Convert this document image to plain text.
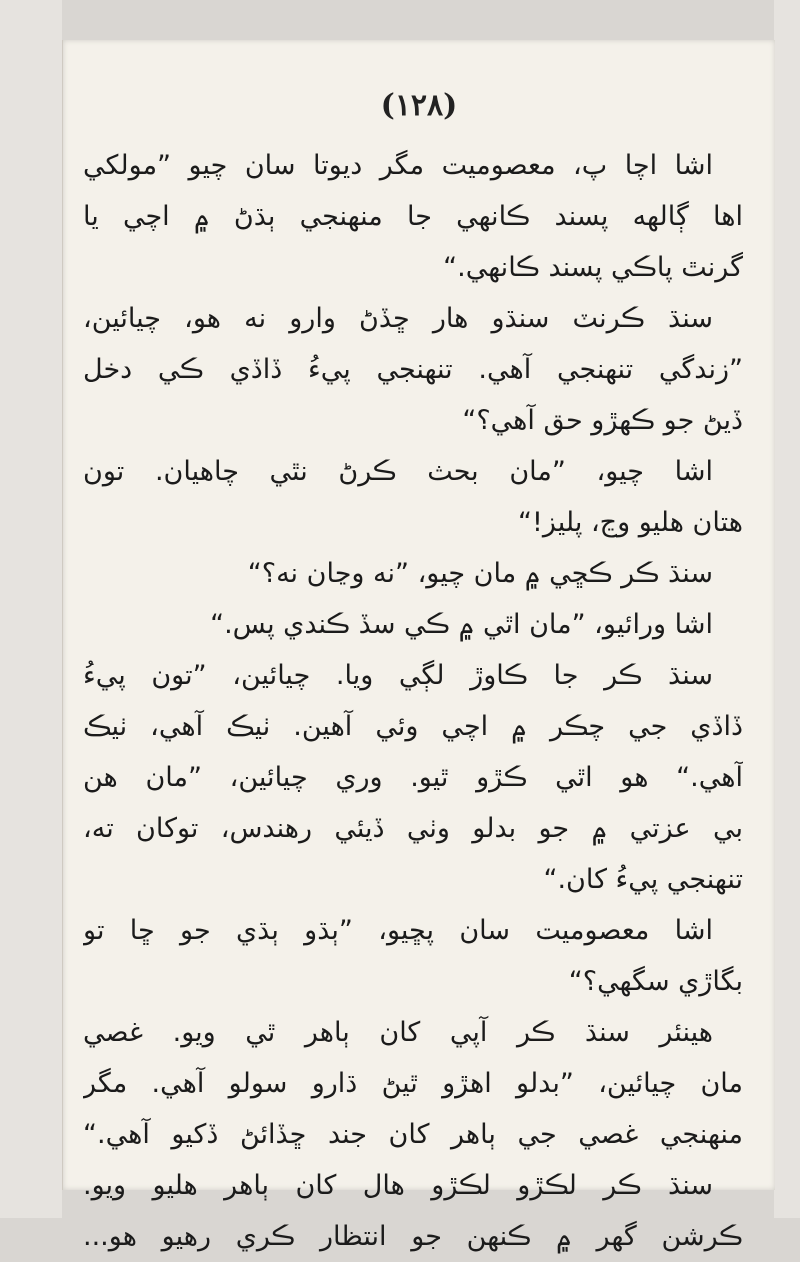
(۱۲۸)
اشا اچا پ، معصوميت مگر ديوتا سان چيو ”مولکي
اها ڳالهه پسند ڪانهي جا منهنجي ٻڌڻ ۾ اچي يا
گرنٿ پاڪي پسند ڪانهي.“
سنڌ ڪرنٽ سنڌو هار ڇڏڻ وارو نه هو، چيائين،
”زندگي تنهنجي آهي. تنهنجي پيءُ ڏاڏي ڪي دخل
ڏيڻ جو ڪهڙو حق آهي؟“
اشا چيو، ”مان بحث ڪرڻ نٿي چاهيان. تون
هتان هليو وڃ، پليز!“
سنڌ ڪر ڪڇي ۾ مان چيو، ”نه وڃان نه؟“
اشا ورائيو، ”مان اٿي ۾ ڪي سڏ ڪندي پس.“
سنڌ ڪر جا ڪاوڙ لڳي ويا. چيائين، ”تون پيءُ
ڏاڏي جي چڪر ۾ اچي وئي آهين. ٺيڪ آهي، ٺيڪ
آهي.“ هو اٿي ڪڙو ٿيو. وري چيائين، ”مان هن
بي عزتي ۾ جو بدلو وٺي ڏيئي رهندس، توکان ته،
تنهنجي پيءُ کان.“
اشا معصوميت سان پڇيو، ”ٻڌو ٻڌي جو ڇا تو
بگاڙي سگهي؟“
هينئر سنڌ ڪر آپي کان ٻاهر ٿي ويو. غصي
مان چيائين، ”بدلو اهڙو ٿيڻ ڌارو سولو آهي. مگر
منهنجي غصي جي ٻاهر کان جند ڇڏائڻ ڏکيو آهي.“
سنڌ ڪر لڪڙو لڪڙو هال کان ٻاهر هليو ويو.
ڪرشن گهر ۾ ڪنهن جو انتظار ڪري رهيو هو...
